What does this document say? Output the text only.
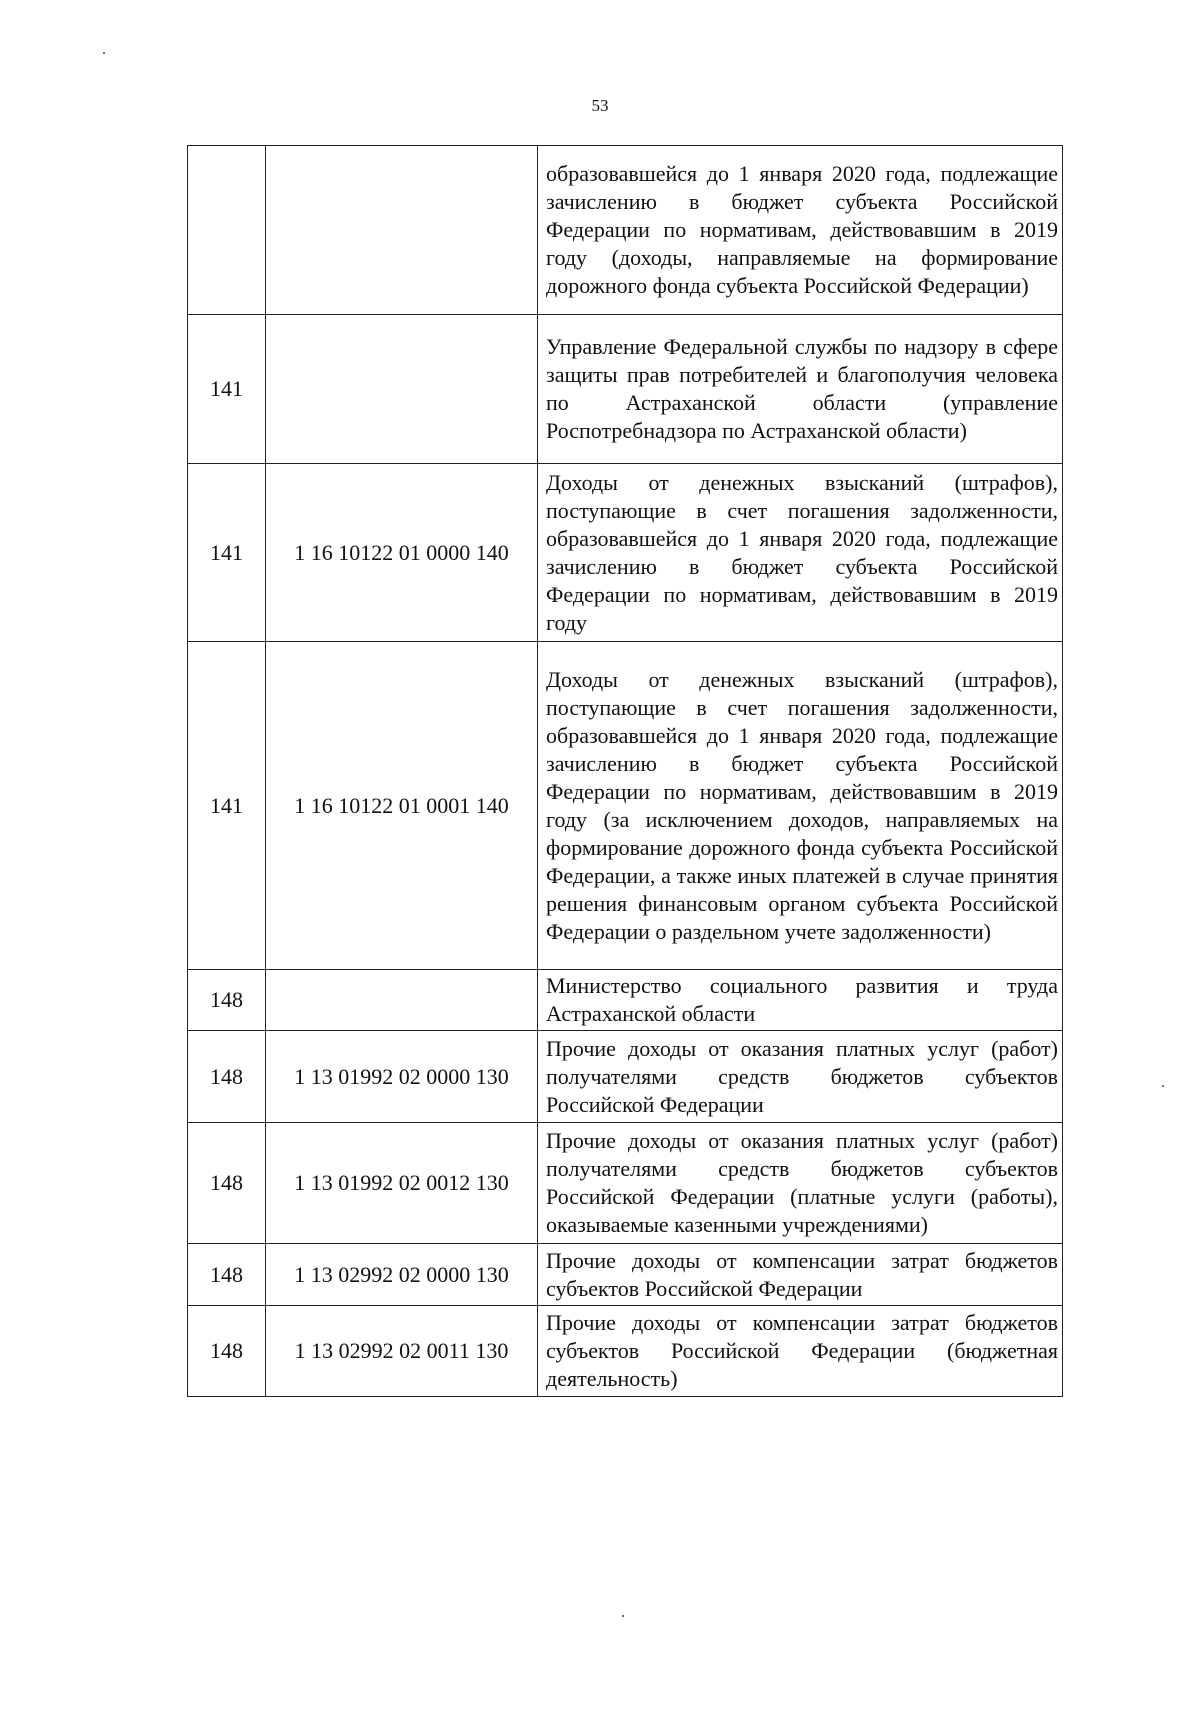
53
		образовавшейся до 1 января 2020 года, подлежащие зачислению в бюджет субъекта Российской Федерации по нормативам, действовавшим в 2019 году (доходы, направляемые на формирование дорожного фонда субъекта Российской Федерации)
141		Управление Федеральной службы по надзору в сфере защиты прав потребителей и благополучия человека по Астраханской области (управление Роспотребнадзора по Астраханской области)
141	1 16 10122 01 0000 140	Доходы от денежных взысканий (штрафов), поступающие в счет погашения задолженности, образовавшейся до 1 января 2020 года, подлежащие зачислению в бюджет субъекта Российской Федерации по нормативам, действовавшим в 2019 году
141	1 16 10122 01 0001 140	Доходы от денежных взысканий (штрафов), поступающие в счет погашения задолженности, образовавшейся до 1 января 2020 года, подлежащие зачислению в бюджет субъекта Российской Федерации по нормативам, действовавшим в 2019 году (за исключением доходов, направляемых на формирование дорожного фонда субъекта Российской Федерации, а также иных платежей в случае принятия решения финансовым органом субъекта Российской Федерации о раздельном учете задолженности)
148		Министерство социального развития и труда Астраханской области
148	1 13 01992 02 0000 130	Прочие доходы от оказания платных услуг (работ) получателями средств бюджетов субъектов Российской Федерации
148	1 13 01992 02 0012 130	Прочие доходы от оказания платных услуг (работ) получателями средств бюджетов субъектов Российской Федерации (платные услуги (работы), оказываемые казенными учреждениями)
148	1 13 02992 02 0000 130	Прочие доходы от компенсации затрат бюджетов субъектов Российской Федерации
148	1 13 02992 02 0011 130	Прочие доходы от компенсации затрат бюджетов субъектов Российской Федерации (бюджетная деятельность)
